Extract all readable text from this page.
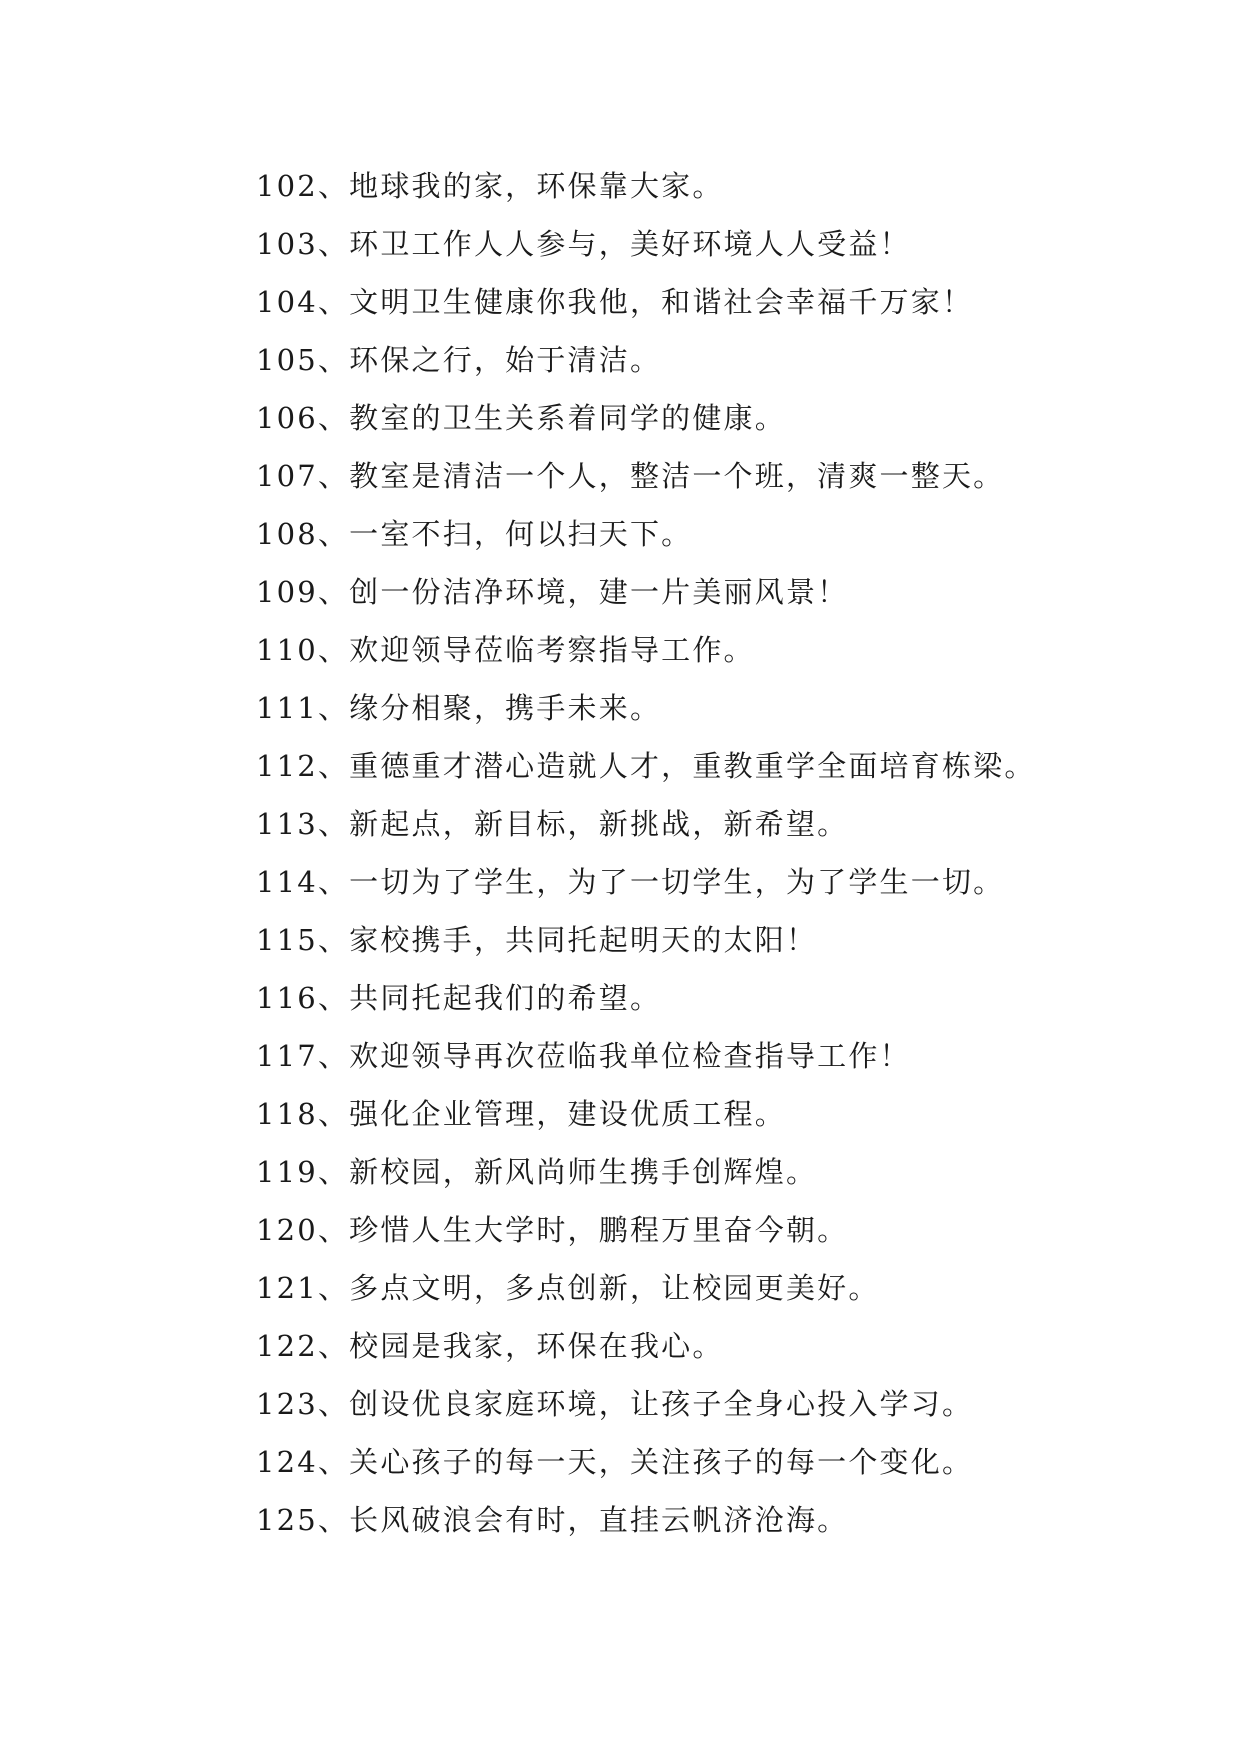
102、地球我的家，环保靠大家。
103、环卫工作人人参与，美好环境人人受益！
104、文明卫生健康你我他，和谐社会幸福千万家！
105、环保之行，始于清洁。
106、教室的卫生关系着同学的健康。
107、教室是清洁一个人，整洁一个班，清爽一整天。
108、一室不扫，何以扫天下。
109、创一份洁净环境，建一片美丽风景！
110、欢迎领导莅临考察指导工作。
111、缘分相聚，携手未来。
112、重德重才潜心造就人才，重教重学全面培育栋梁。
113、新起点，新目标，新挑战，新希望。
114、一切为了学生，为了一切学生，为了学生一切。
115、家校携手，共同托起明天的太阳！
116、共同托起我们的希望。
117、欢迎领导再次莅临我单位检查指导工作！
118、强化企业管理，建设优质工程。
119、新校园，新风尚师生携手创辉煌。
120、珍惜人生大学时，鹏程万里奋今朝。
121、多点文明，多点创新，让校园更美好。
122、校园是我家，环保在我心。
123、创设优良家庭环境，让孩子全身心投入学习。
124、关心孩子的每一天，关注孩子的每一个变化。
125、长风破浪会有时，直挂云帆济沧海。
